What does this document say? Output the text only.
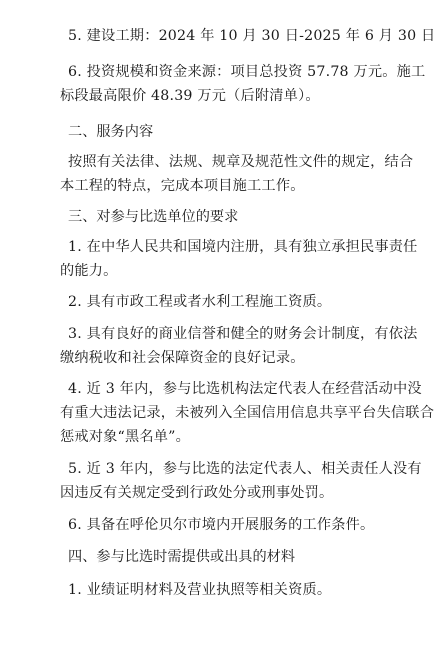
5. 建设工期：2024 年 10 月 30 日-2025 年 6 月 30 日

6. 投资规模和资金来源：项目总投资 57.78 万元。施工
标段最高限价 48.39 万元（后附清单）。

二、服务内容

按照有关法律、法规、规章及规范性文件的规定，结合
本工程的特点，完成本项目施工工作。

三、对参与比选单位的要求

1. 在中华人民共和国境内注册，具有独立承担民事责任
的能力。

2. 具有市政工程或者水利工程施工资质。

3. 具有良好的商业信誉和健全的财务会计制度，有依法
缴纳税收和社会保障资金的良好记录。

4. 近 3 年内，参与比选机构法定代表人在经营活动中没
有重大违法记录，未被列入全国信用信息共享平台失信联合
惩戒对象“黑名单”。

5. 近 3 年内，参与比选的法定代表人、相关责任人没有
因违反有关规定受到行政处分或刑事处罚。

6. 具备在呼伦贝尔市境内开展服务的工作条件。

四、参与比选时需提供或出具的材料

1. 业绩证明材料及营业执照等相关资质。
